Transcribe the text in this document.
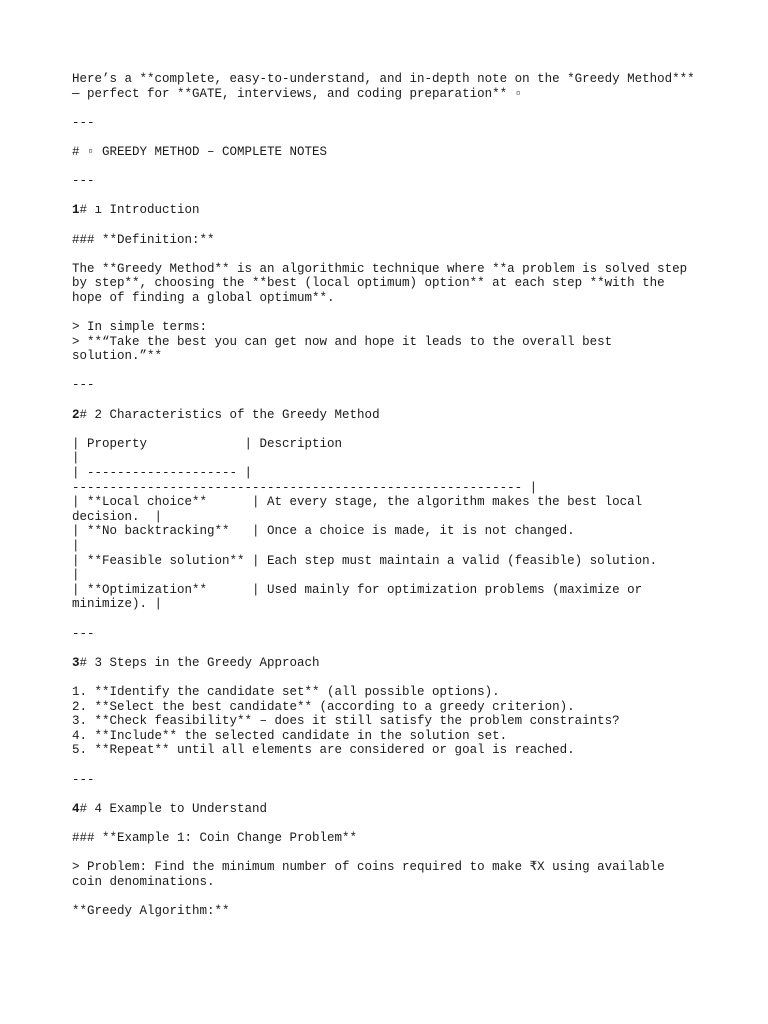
Here’s a **complete, easy-to-understand, and in-depth note on the *Greedy Method***
— perfect for **GATE, interviews, and coding preparation** ▫

---

# ▫ GREEDY METHOD – COMPLETE NOTES

---

1# ı Introduction

### **Definition:**

The **Greedy Method** is an algorithmic technique where **a problem is solved step
by step**, choosing the **best (local optimum) option** at each step **with the
hope of finding a global optimum**.

> In simple terms:
> **“Take the best you can get now and hope it leads to the overall best
solution.”**

---

2# 2 Characteristics of the Greedy Method

| Property             | Description
|
| -------------------- |
------------------------------------------------------------ |
| **Local choice**      | At every stage, the algorithm makes the best local
decision.  |
| **No backtracking**   | Once a choice is made, it is not changed.
|
| **Feasible solution** | Each step must maintain a valid (feasible) solution.
|
| **Optimization**      | Used mainly for optimization problems (maximize or
minimize). |

---

3# 3 Steps in the Greedy Approach

1. **Identify the candidate set** (all possible options).
2. **Select the best candidate** (according to a greedy criterion).
3. **Check feasibility** – does it still satisfy the problem constraints?
4. **Include** the selected candidate in the solution set.
5. **Repeat** until all elements are considered or goal is reached.

---

4# 4 Example to Understand

### **Example 1: Coin Change Problem**

> Problem: Find the minimum number of coins required to make ₹X using available
coin denominations.

**Greedy Algorithm:**
